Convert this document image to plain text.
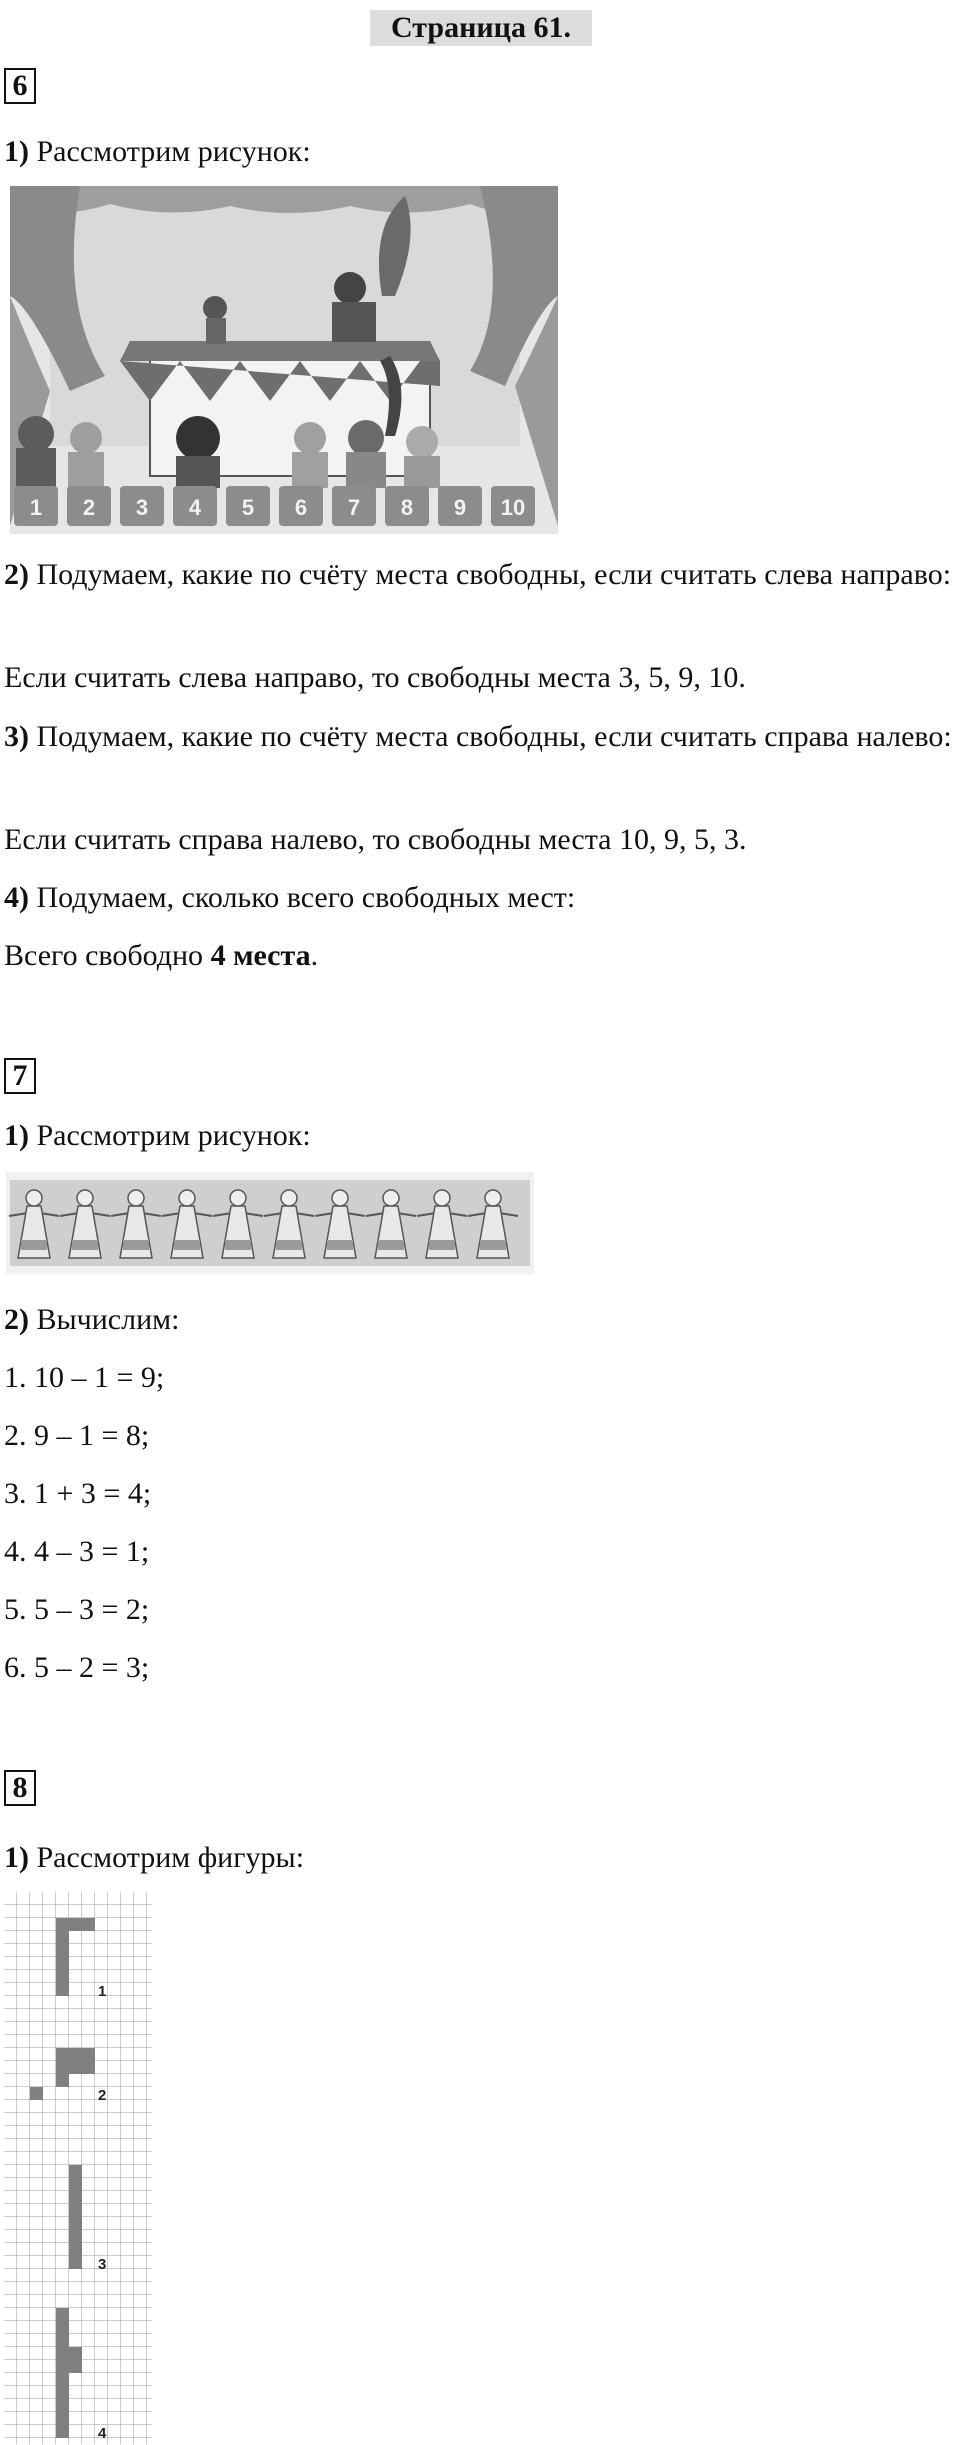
Страница 61.
6
1) Рассмотрим рисунок:
1 2 3 4 5 6 7 8 9 10
2) Подумаем, какие по счёту места свободны, если считать слева направо:
Если считать слева направо, то свободны места 3, 5, 9, 10.
3) Подумаем, какие по счёту места свободны, если считать справа налево:
Если считать справа налево, то свободны места 10, 9, 5, 3.
4) Подумаем, сколько всего свободных мест:
Всего свободно 4 места.
7
1) Рассмотрим рисунок:
2) Вычислим:
1. 10 – 1 = 9;
2. 9 – 1 = 8;
3. 1 + 3 = 4;
4. 4 – 3 = 1;
5. 5 – 3 = 2;
6. 5 – 2 = 3;
8
1) Рассмотрим фигуры:
1
2
3
4
